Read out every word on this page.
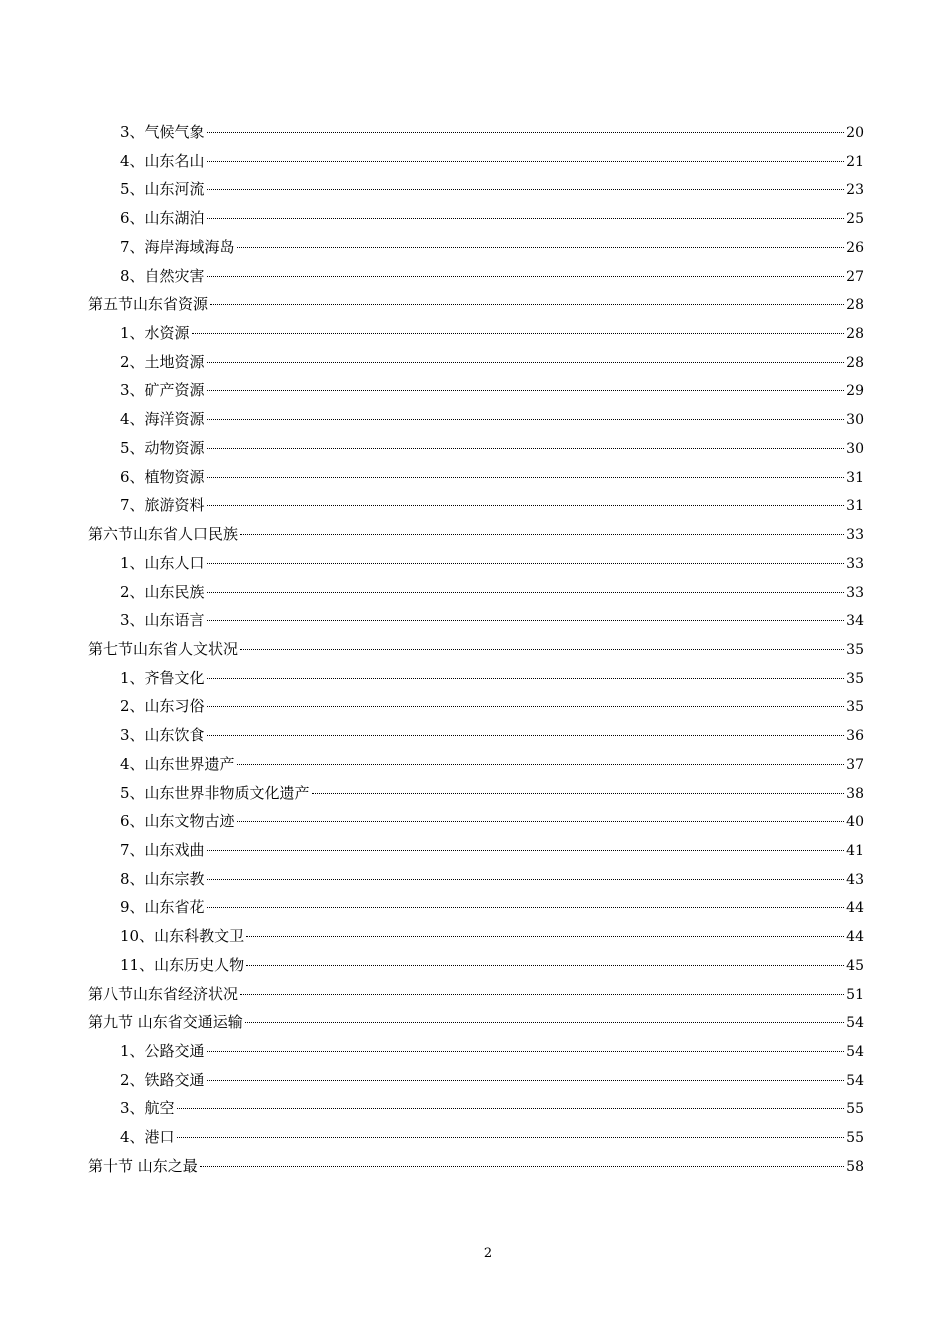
3、气候气象	20
4、山东名山	21
5、山东河流	23
6、山东湖泊	25
7、海岸海域海岛	26
8、自然灾害	27
第五节山东省资源	28
1、水资源	28
2、土地资源	28
3、矿产资源	29
4、海洋资源	30
5、动物资源	30
6、植物资源	31
7、旅游资料	31
第六节山东省人口民族	33
1、山东人口	33
2、山东民族	33
3、山东语言	34
第七节山东省人文状况	35
1、齐鲁文化	35
2、山东习俗	35
3、山东饮食	36
4、山东世界遗产	37
5、山东世界非物质文化遗产	38
6、山东文物古迹	40
7、山东戏曲	41
8、山东宗教	43
9、山东省花	44
10、山东科教文卫	44
11、山东历史人物	45
第八节山东省经济状况	51
第九节 山东省交通运输	54
1、公路交通	54
2、铁路交通	54
3、航空	55
4、港口	55
第十节 山东之最	58
2
